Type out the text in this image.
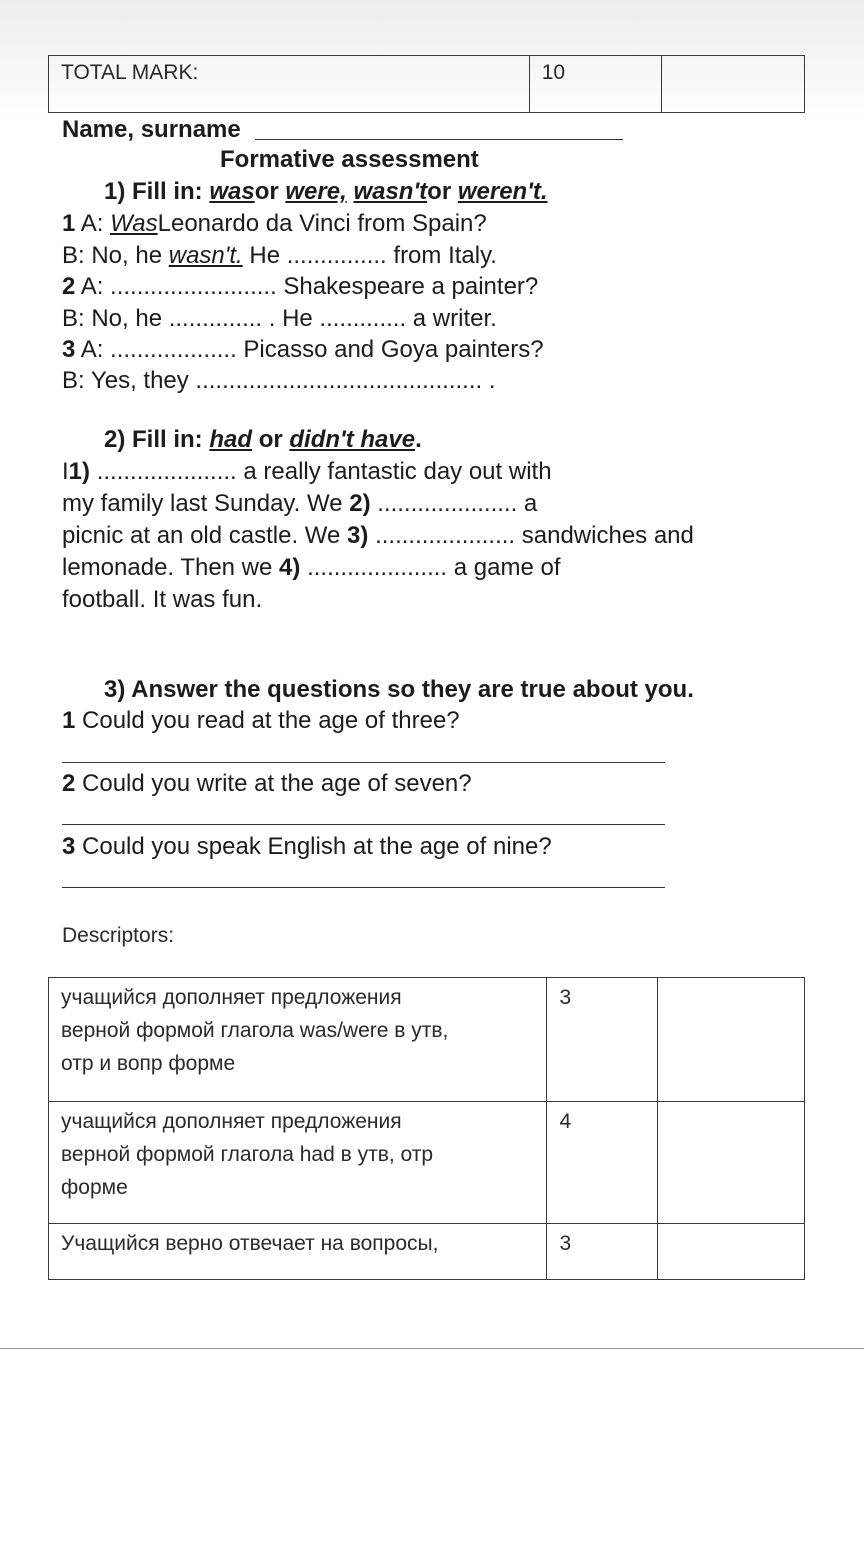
TOTAL MARK:	10	
Name, surname
Formative assessment
1) Fill in: wasor were, wasn'tor weren't.
1 A: WasLeonardo da Vinci from Spain?
B: No, he wasn't. He ............... from Italy.
2 A: ......................... Shakespeare a painter?
B: No, he .............. . He ............. a writer.
3 A: ................... Picasso and Goya painters?
B: Yes, they ........................................... .
2) Fill in: had or didn't have.
I1) ..................... a really fantastic day out with
my family last Sunday. We 2) ..................... a
picnic at an old castle. We 3) ..................... sandwiches and
lemonade. Then we 4) ..................... a game of
football. It was fun.
3) Answer the questions so they are true about you.
1 Could you read at the age of three?
2 Could you write at the age of seven?
3 Could you speak English at the age of nine?
Descriptors:
учащийся дополняет предложения
верной формой глагола was/were в утв,
отр и вопр форме	3	

учащийся дополняет предложения
верной формой глагола had в утв, отр
форме	4	

Учащийся верно отвечает на вопросы,	3	
